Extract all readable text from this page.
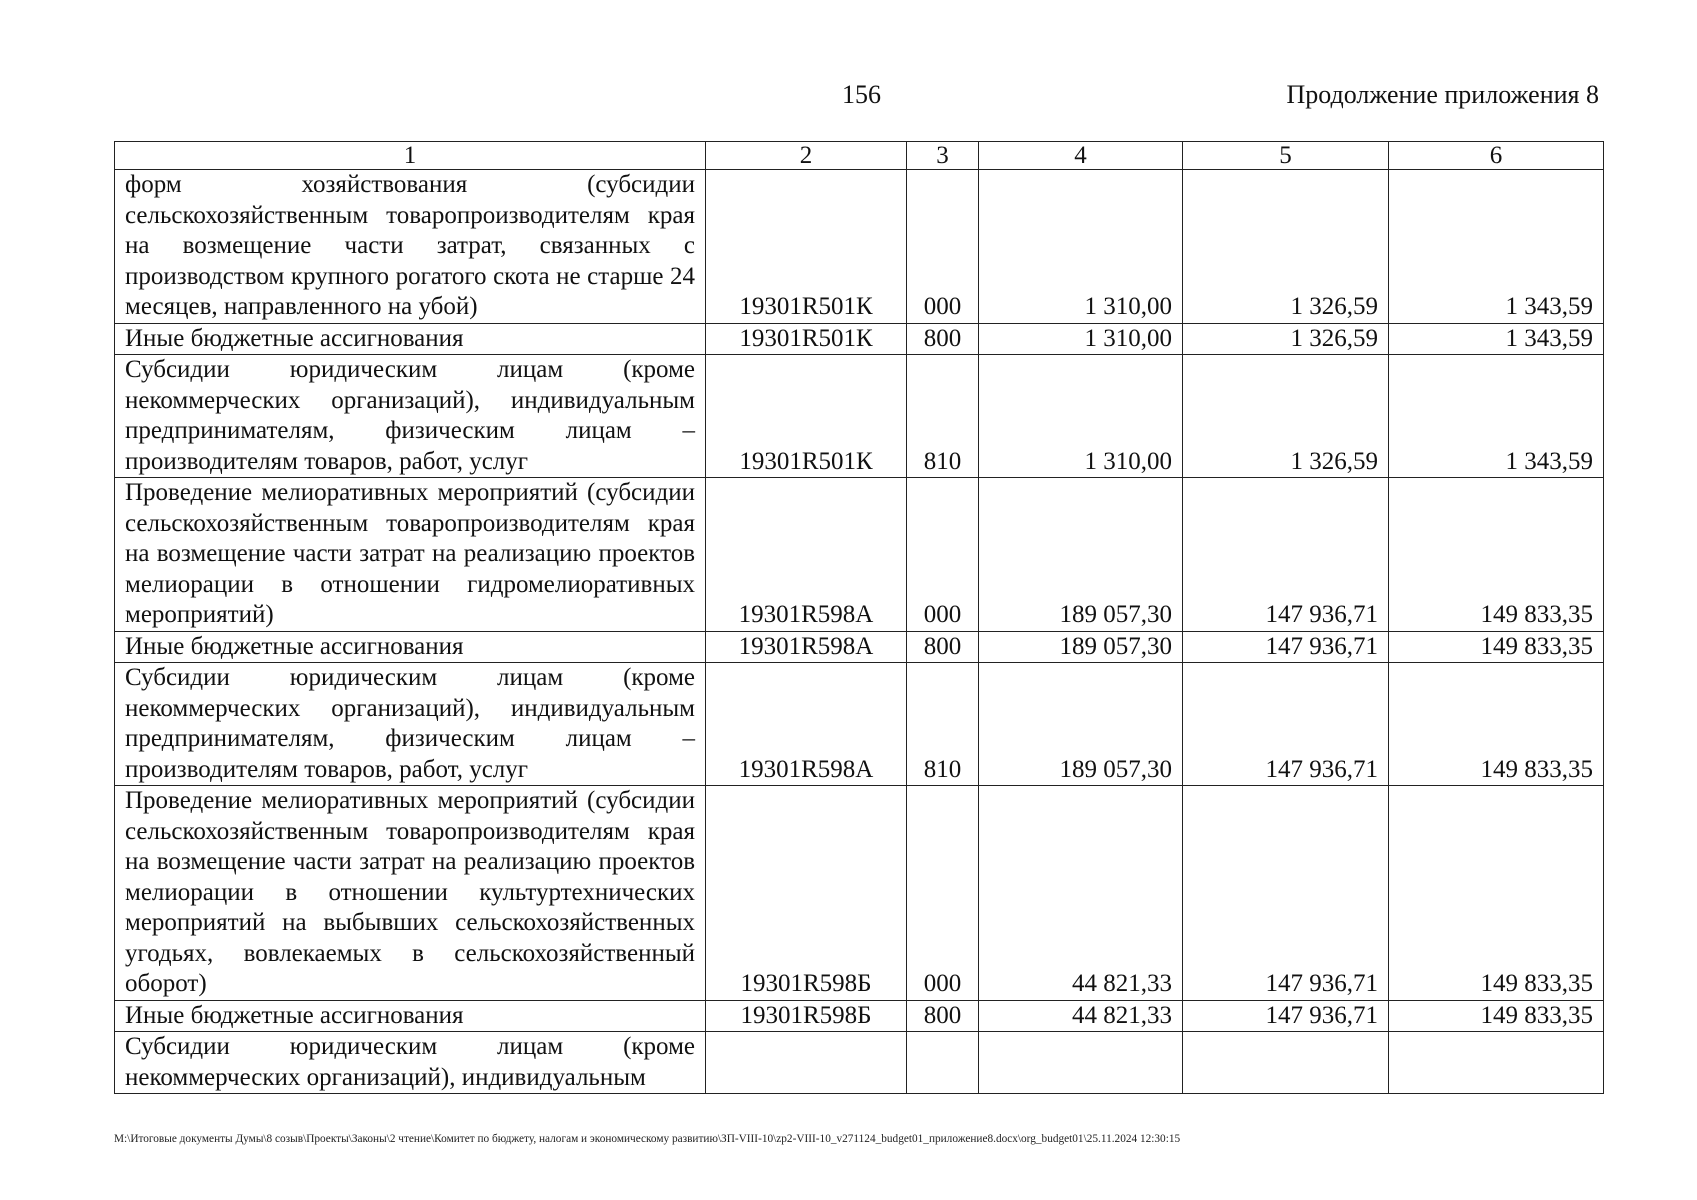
156	Продолжение приложения 8
1	2	3	4	5	6
форм хозяйствования (субсидии сельскохозяйственным товаропроизводителям края на возмещение части затрат, связанных с производством крупного рогатого скота не старше 24 месяцев, направленного на убой)	19301R501К	000	1 310,00	1 326,59	1 343,59
Иные бюджетные ассигнования	19301R501К	800	1 310,00	1 326,59	1 343,59
Субсидии юридическим лицам (кроме некоммерческих организаций), индивидуальным предпринимателям, физическим лицам – производителям товаров, работ, услуг	19301R501К	810	1 310,00	1 326,59	1 343,59
Проведение мелиоративных мероприятий (субсидии сельскохозяйственным товаропроизводителям края на возмещение части затрат на реализацию проектов мелиорации в отношении гидромелиоративных мероприятий)	19301R598А	000	189 057,30	147 936,71	149 833,35
Иные бюджетные ассигнования	19301R598А	800	189 057,30	147 936,71	149 833,35
Субсидии юридическим лицам (кроме некоммерческих организаций), индивидуальным предпринимателям, физическим лицам – производителям товаров, работ, услуг	19301R598А	810	189 057,30	147 936,71	149 833,35
Проведение мелиоративных мероприятий (субсидии сельскохозяйственным товаропроизводителям края на возмещение части затрат на реализацию проектов мелиорации в отношении культуртехнических мероприятий на выбывших сельскохозяйственных угодьях, вовлекаемых в сельскохозяйственный оборот)	19301R598Б	000	44 821,33	147 936,71	149 833,35
Иные бюджетные ассигнования	19301R598Б	800	44 821,33	147 936,71	149 833,35
Субсидии юридическим лицам (кроме некоммерческих организаций), индивидуальным					
М:\Итоговые документы Думы\8 созыв\Проекты\Законы\2 чтение\Комитет по бюджету, налогам и экономическому развитию\ЗП-VIII-10\zp2-VIII-10_v271124_budget01_приложение8.docx\org_budget01\25.11.2024 12:30:15
